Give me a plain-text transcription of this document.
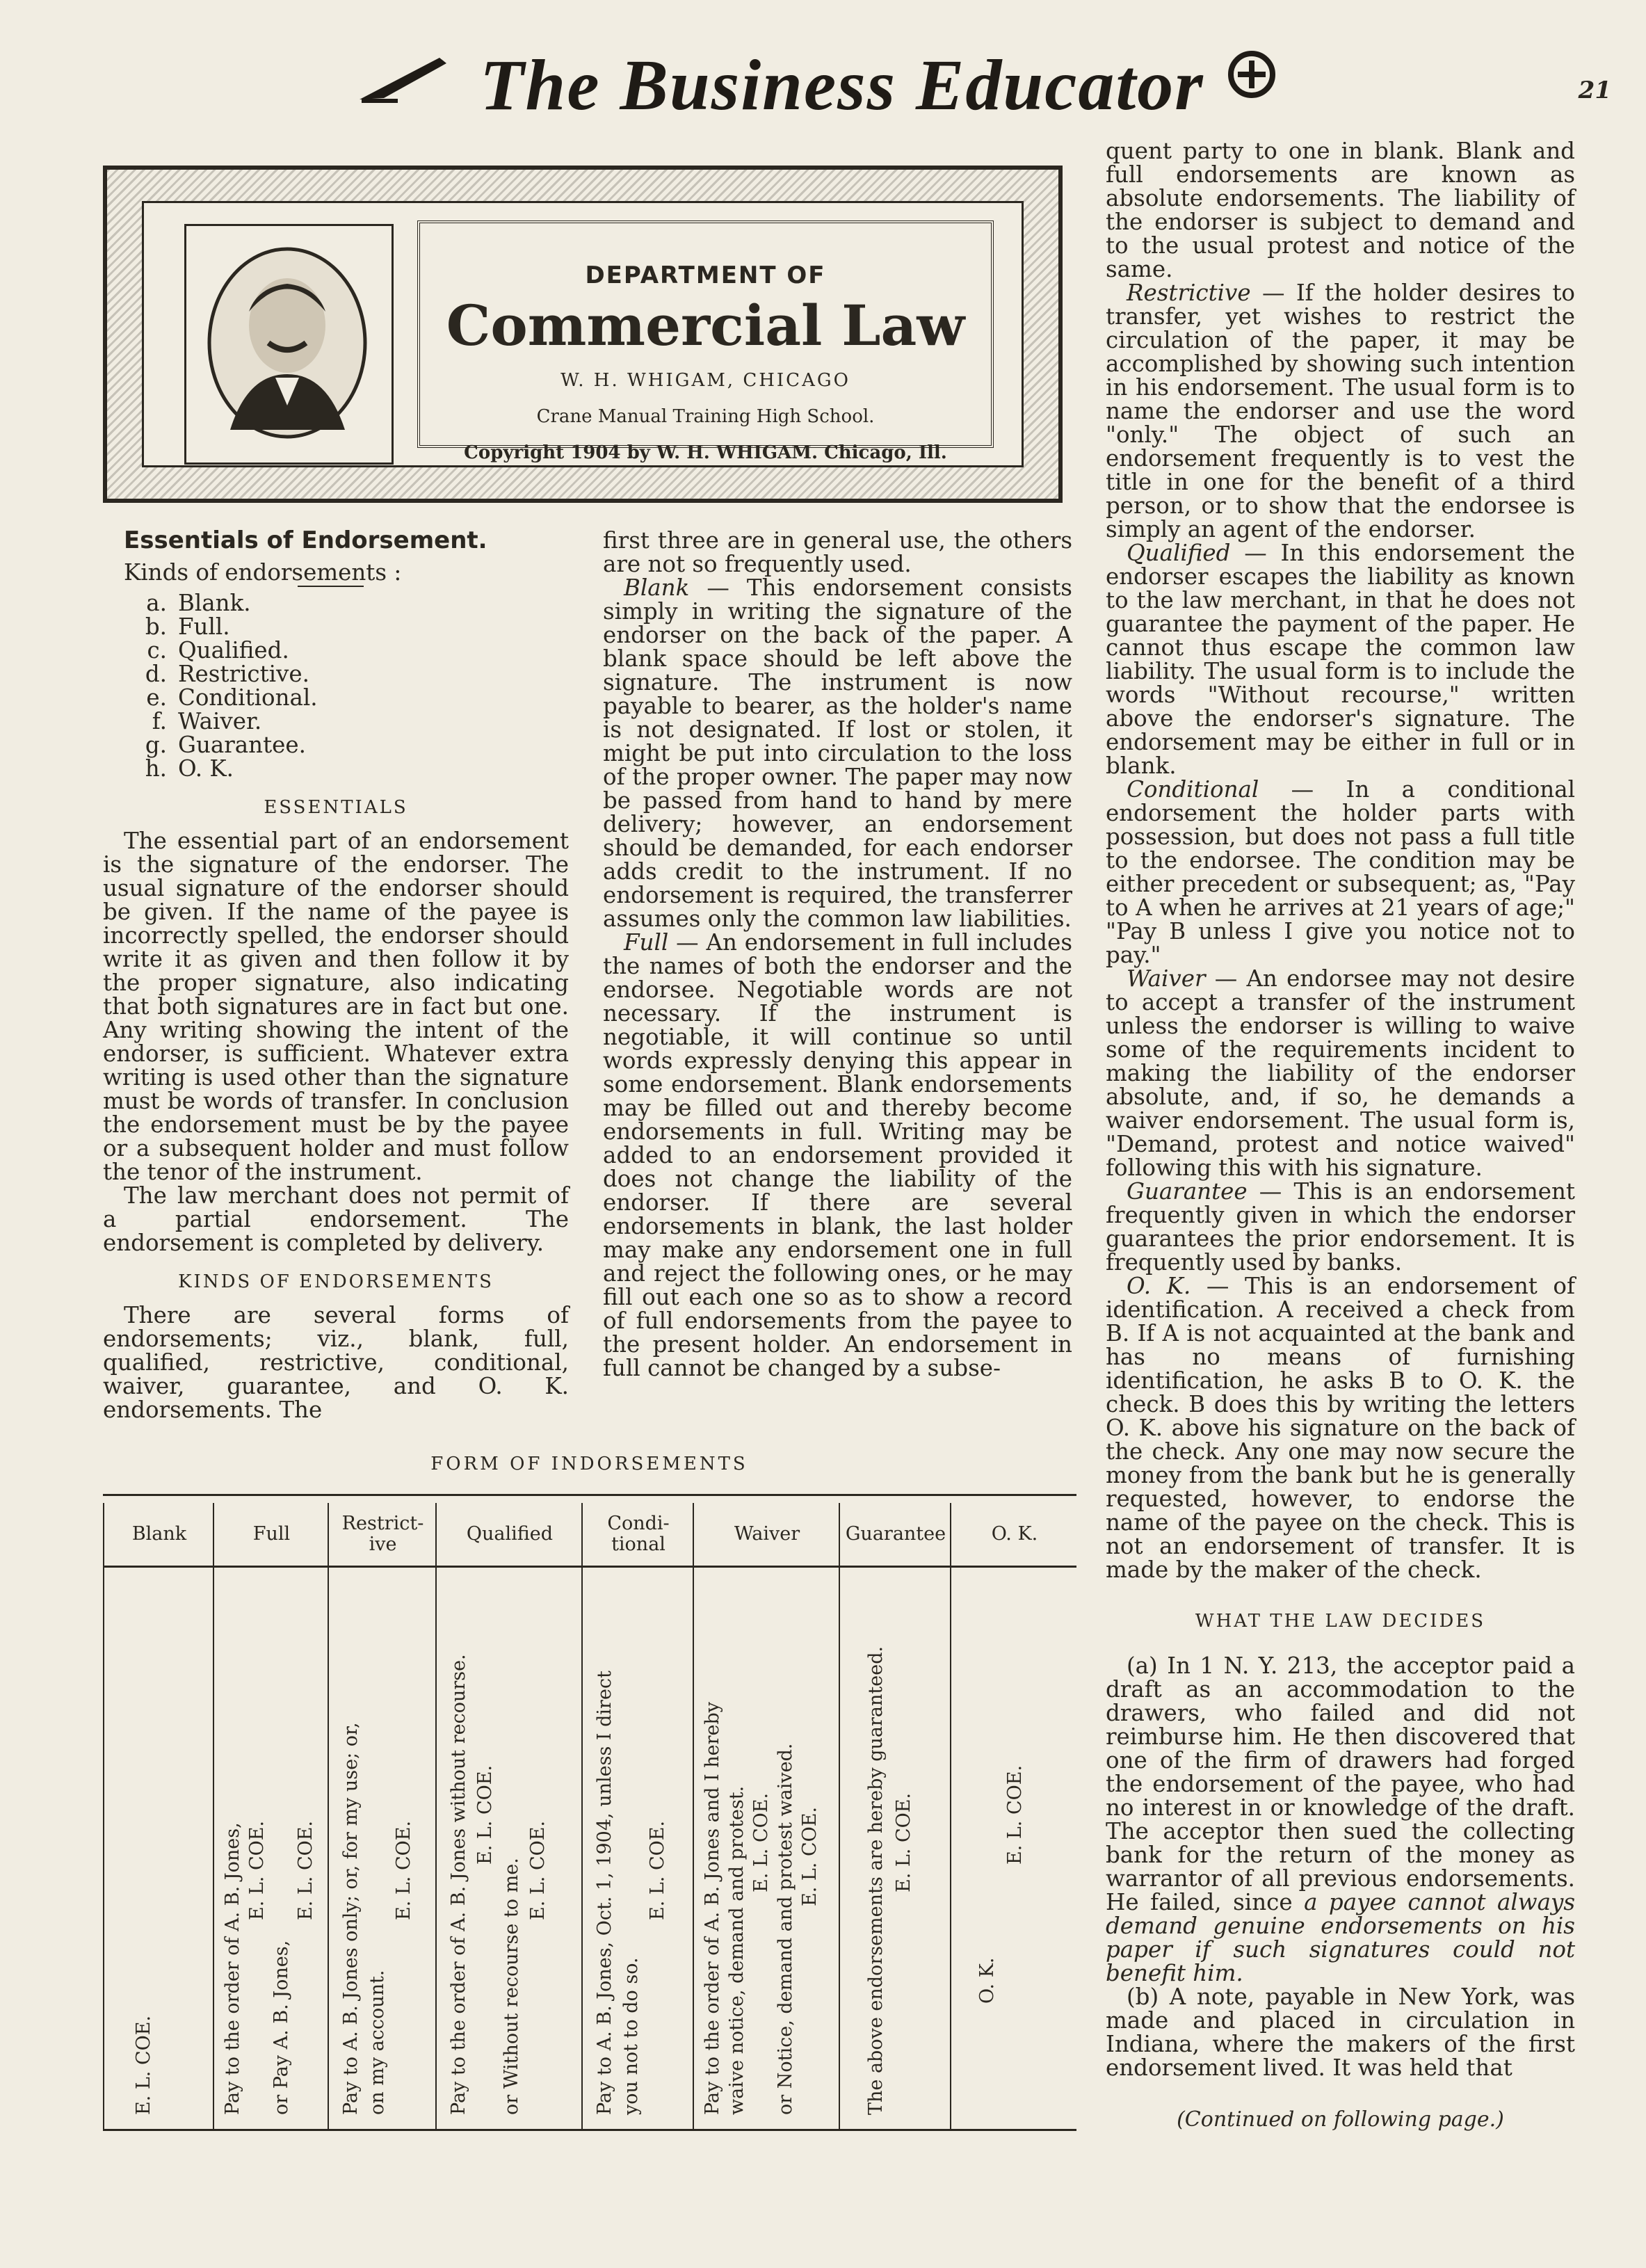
The Business Educator	21
DEPARTMENT OF
Commercial Law
W. H. WHIGAM, CHICAGO
Crane Manual Training High School.
Copyright 1904 by W. H. WHIGAM. Chicago, Ill.
Essentials of Endorsement.

Kinds of endorsements :

a. Blank.
b. Full.
c. Qualified.
d. Restrictive.
e. Conditional.
f. Waiver.
g. Guarantee.
h. O. K.
ESSENTIALS

The essential part of an endorsement is the signature of the endorser. The usual signature of the endorser should be given. If the name of the payee is incorrectly spelled, the endorser should write it as given and then follow it by the proper signature, also indicating that both signatures are in fact but one. Any writing showing the intent of the endorser, is sufficient. Whatever extra writing is used other than the signature must be words of transfer. In conclusion the endorsement must be by the payee or a subsequent holder and must follow the tenor of the instrument.

The law merchant does not permit of a partial endorsement. The endorsement is completed by delivery.

KINDS OF ENDORSEMENTS

There are several forms of endorsements; viz., blank, full, qualified, restrictive, conditional, waiver, guarantee, and O. K. endorsements. The

first three are in general use, the others are not so frequently used.

Blank — This endorsement consists simply in writing the signature of the endorser on the back of the paper. A blank space should be left above the signature. The instrument is now payable to bearer, as the holder's name is not designated. If lost or stolen, it might be put into circulation to the loss of the proper owner. The paper may now be passed from hand to hand by mere delivery; however, an endorsement should be demanded, for each endorser adds credit to the instrument. If no endorsement is required, the transferrer assumes only the common law liabilities.

Full — An endorsement in full includes the names of both the endorser and the endorsee. Negotiable words are not necessary. If the instrument is negotiable, it will continue so until words expressly denying this appear in some endorsement. Blank endorsements may be filled out and thereby become endorsements in full. Writing may be added to an endorsement provided it does not change the liability of the endorser. If there are several endorsements in blank, the last holder may make any endorsement one in full and reject the following ones, or he may fill out each one so as to show a record of full endorsements from the payee to the present holder. An endorsement in full cannot be changed by a subse-

quent party to one in blank. Blank and full endorsements are known as absolute endorsements. The liability of the endorser is subject to demand and to the usual protest and notice of the same.

Restrictive — If the holder desires to transfer, yet wishes to restrict the circulation of the paper, it may be accomplished by showing such intention in his endorsement. The usual form is to name the endorser and use the word "only." The object of such an endorsement frequently is to vest the title in one for the benefit of a third person, or to show that the endorsee is simply an agent of the endorser.

Qualified — In this endorsement the endorser escapes the liability as known to the law merchant, in that he does not guarantee the payment of the paper. He cannot thus escape the common law liability. The usual form is to include the words "Without recourse," written above the endorser's signature. The endorsement may be either in full or in blank.

Conditional — In a conditional endorsement the holder parts with possession, but does not pass a full title to the endorsee. The condition may be either precedent or subsequent; as, "Pay to A when he arrives at 21 years of age;" "Pay B unless I give you notice not to pay."

Waiver — An endorsee may not desire to accept a transfer of the instrument unless the endorser is willing to waive some of the requirements incident to making the liability of the endorser absolute, and, if so, he demands a waiver endorsement. The usual form is, "Demand, protest and notice waived" following this with his signature.

Guarantee — This is an endorsement frequently given in which the endorser guarantees the prior endorsement. It is frequently used by banks.

O. K. — This is an endorsement of identification. A received a check from B. If A is not acquainted at the bank and has no means of furnishing identification, he asks B to O. K. the check. B does this by writing the letters O. K. above his signature on the back of the check. Any one may now secure the money from the bank but he is generally requested, however, to endorse the name of the payee on the check. This is not an endorsement of transfer. It is made by the maker of the check.

WHAT THE LAW DECIDES

(a) In 1 N. Y. 213, the acceptor paid a draft as an accommodation to the drawers, who failed and did not reimburse him. He then discovered that one of the firm of drawers had forged the endorsement of the payee, who had no interest in or knowledge of the draft. The acceptor then sued the collecting bank for the return of the money as warrantor of all previous endorsements. He failed, since a payee cannot always demand genuine endorsements on his paper if such signatures could not benefit him.

(b) A note, payable in New York, was made and placed in circulation in Indiana, where the makers of the first endorsement lived. It was held that

(Continued on following page.)
FORM OF INDORSEMENTS
Blank
E. L. COE.
Full
Pay to the order of A. B. Jones, E. L. COE.
or Pay A. B. Jones,
E. L. COE.
Restrict-ive
Pay to A. B. Jones only; or, for my use; or, on my account.
E. L. COE.
Qualified
Pay to the order of A. B. Jones without recourse. E. L. COE.
or Without recourse to me. E. L. COE.
Condi-tional
Pay to A. B. Jones, Oct. 1, 1904, unless I direct you not to do so.
E. L. COE.
Waiver
Pay to the order of A. B. Jones and I hereby waive notice, demand and protest. E. L. COE. or Notice, demand and protest waived. E. L. COE.
Guarantee
The above endorsements are hereby guaranteed. E. L. COE.
O. K.
O. K.
E. L. COE.
